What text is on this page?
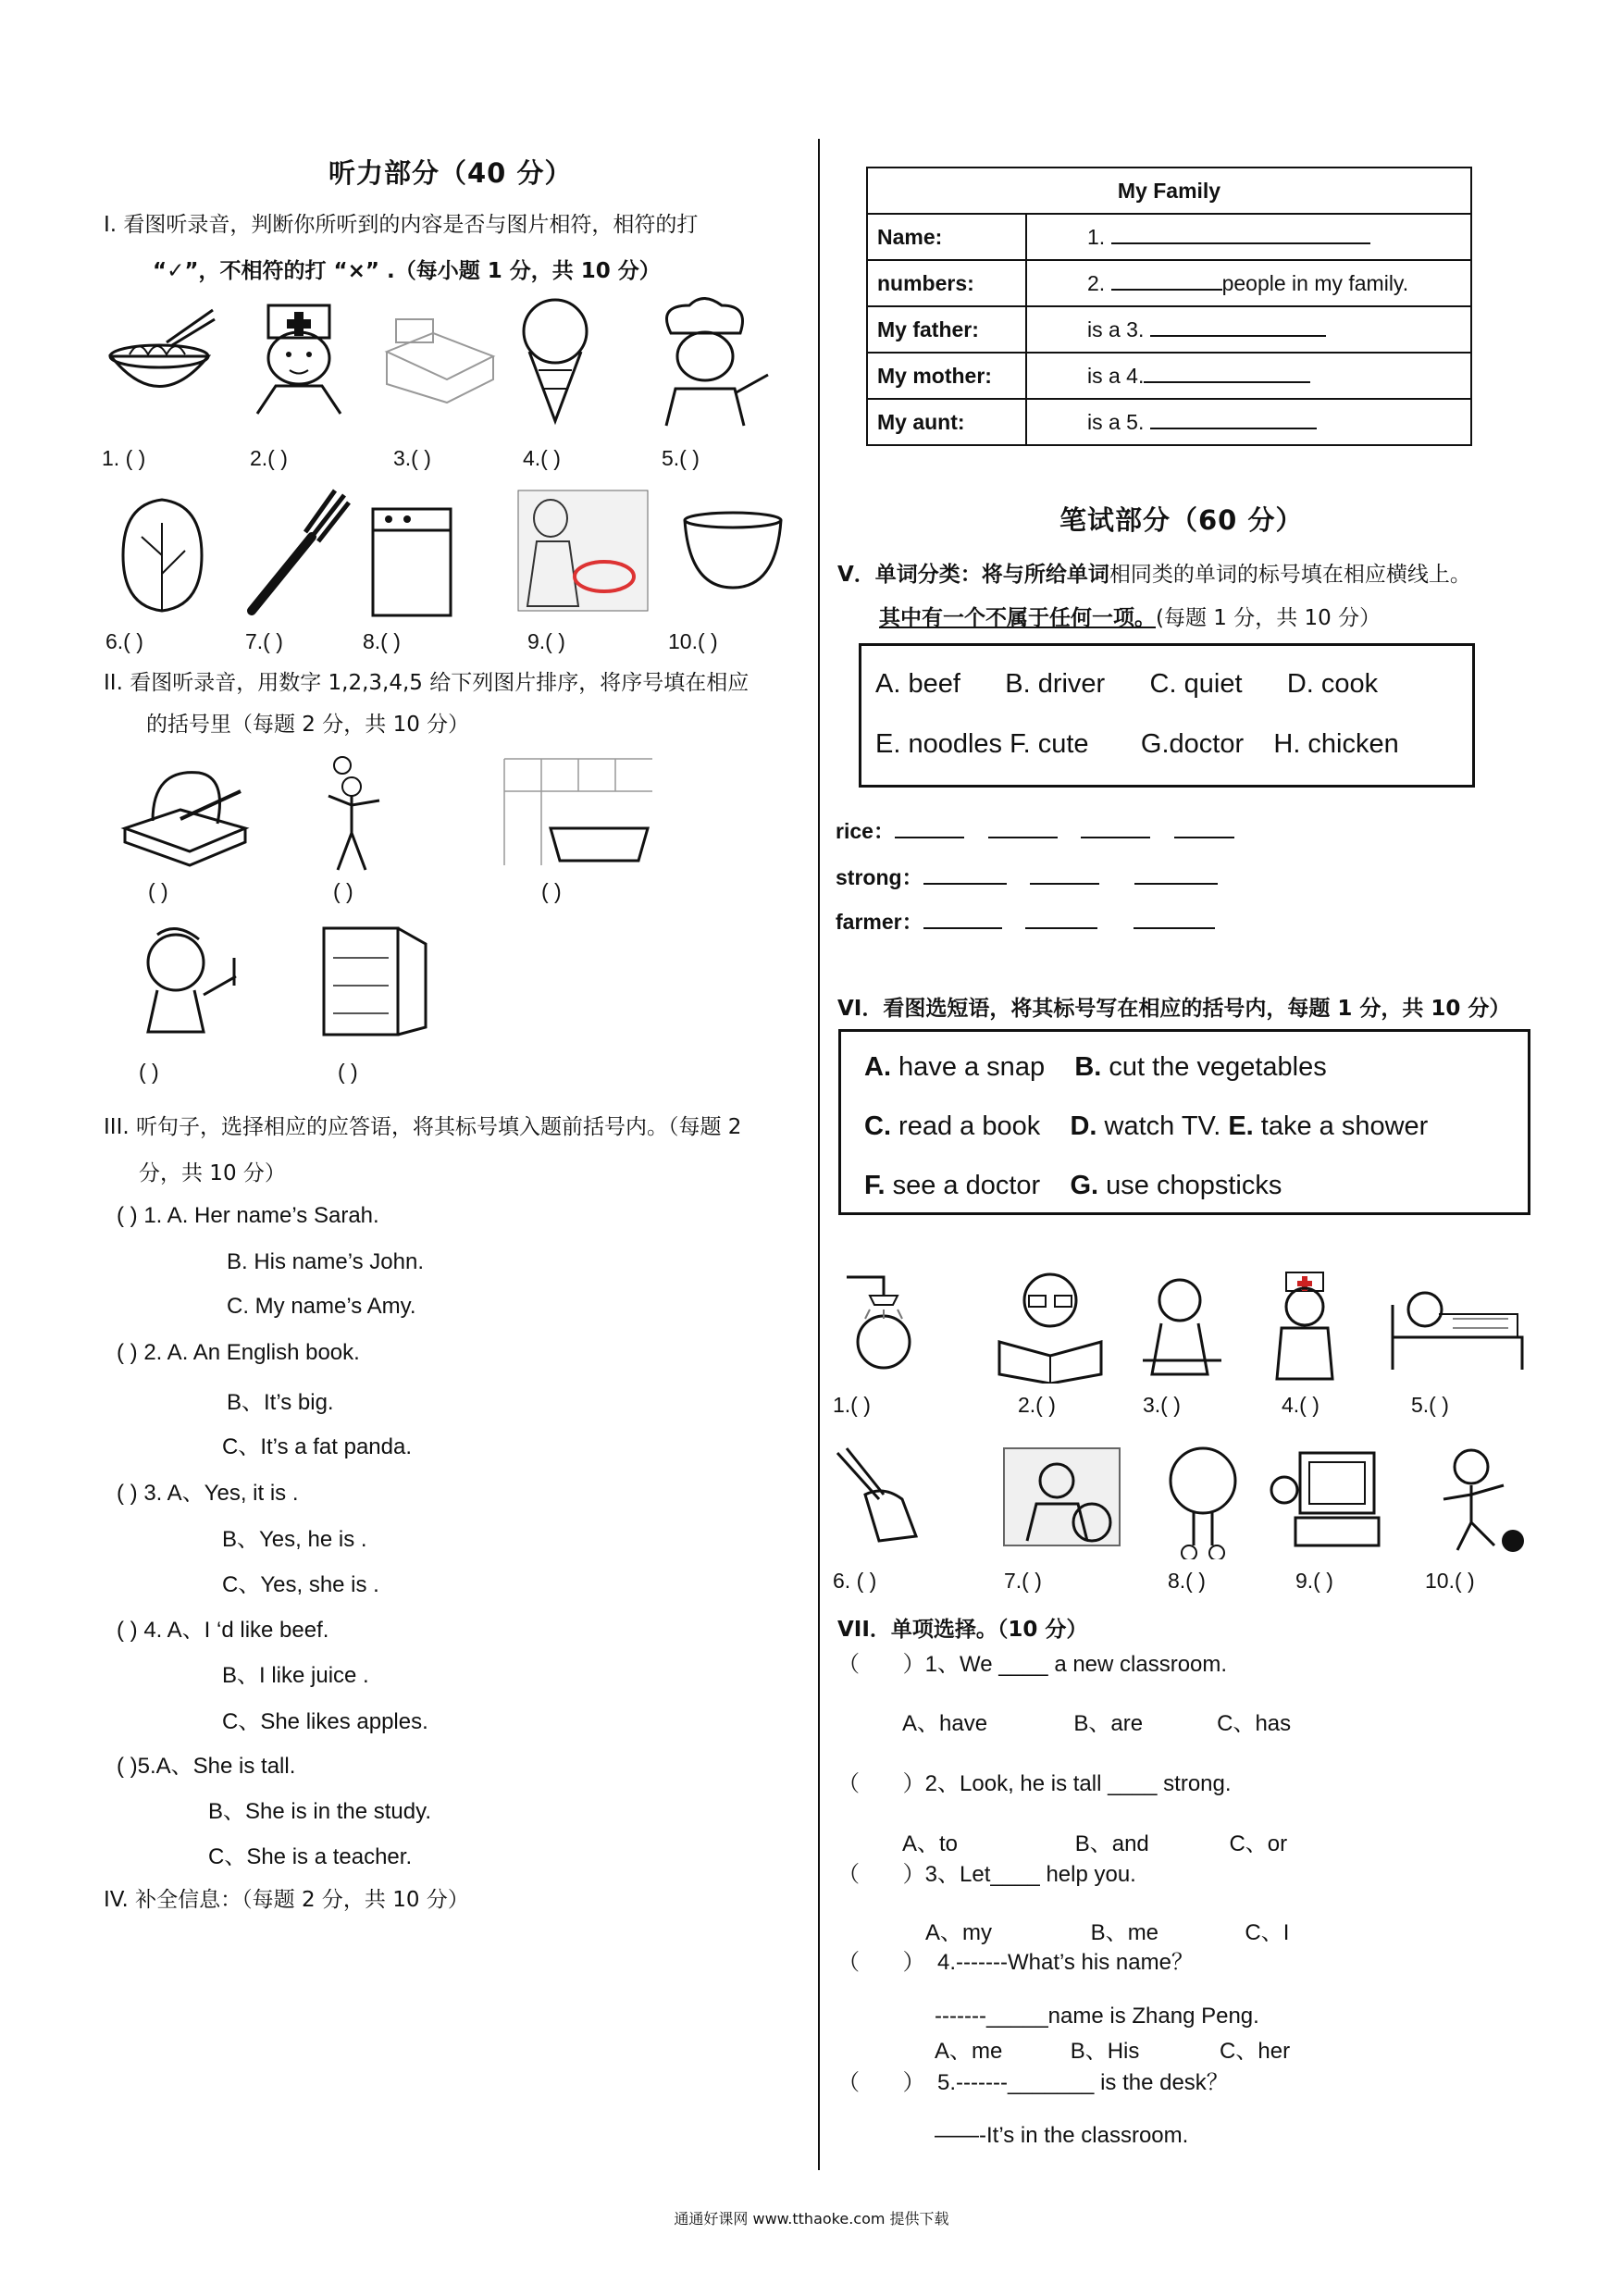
听力部分（40 分）
I. 看图听录音，判断你所听到的内容是否与图片相符，相符的打
“✓”，不相符的打 “×” .（每小题 1 分，共 10 分）
1. ( )	2.( )	3.( )	4.( )	5.( )
6.( )	7.( )	8.( )	9.( )	10.( )
II. 看图听录音，用数字 1,2,3,4,5 给下列图片排序，将序号填在相应
的括号里（每题 2 分，共 10 分）
( )	( )	( )
( )	( )
III. 听句子，选择相应的应答语，将其标号填入题前括号内。（每题 2
分，共 10 分）
( ) 1. A. Her name’s Sarah.
B. His name’s John.
C. My name’s Amy.
( ) 2. A. An English book.
B、It’s big.
C、It’s a fat panda.
( ) 3. A、Yes, it is .
B、Yes, he is .
C、Yes, she is .
( ) 4. A、I ‘d like beef.
B、I like juice .
C、She likes apples.
( )5.A、She is tall.
B、She is in the study.
C、She is a teacher.
IV. 补全信息：（每题 2 分，共 10 分）
My Family	
Name:	1.
numbers:	2. people in my family.
My father:	is a 3.
My mother:	is a 4.
My aunt:	is a 5.
笔试部分（60 分）
V．单词分类：将与所给单词相同类的单词的标号填在相应横线上。
其中有一个不属于任何一项。(每题 1 分，共 10 分）
A. beef      B. driver      C. quiet      D. cook
E. noodles F. cute       G.doctor    H. chicken
rice：
strong：
farmer：
VI．看图选短语，将其标号写在相应的括号内，每题 1 分，共 10 分）
A. have a snap B. cut the vegetables
C. read a book D. watch TV. E. take a shower
F. see a doctor G. use chopsticks
1.( )	2.( )	3.( )	4.( )	5.( )
6. ( )	7.( )	8.( )	9.( )	10.( )
VII．单项选择。（10 分）
（       ）1、We ____ a new classroom.
A、have              B、are            C、has
（       ）2、Look, he is tall ____ strong.
A、to                   B、and             C、or
（       ）3、Let____ help you.
A、my                B、me              C、I
（       ）  4.-------What’s his name？
-------_____name is Zhang Peng.
A、me           B、His             C、her
（       ）  5.-------_______ is the desk？
——-It’s in the classroom.
通通好课网 www.tthaoke.com 提供下载
